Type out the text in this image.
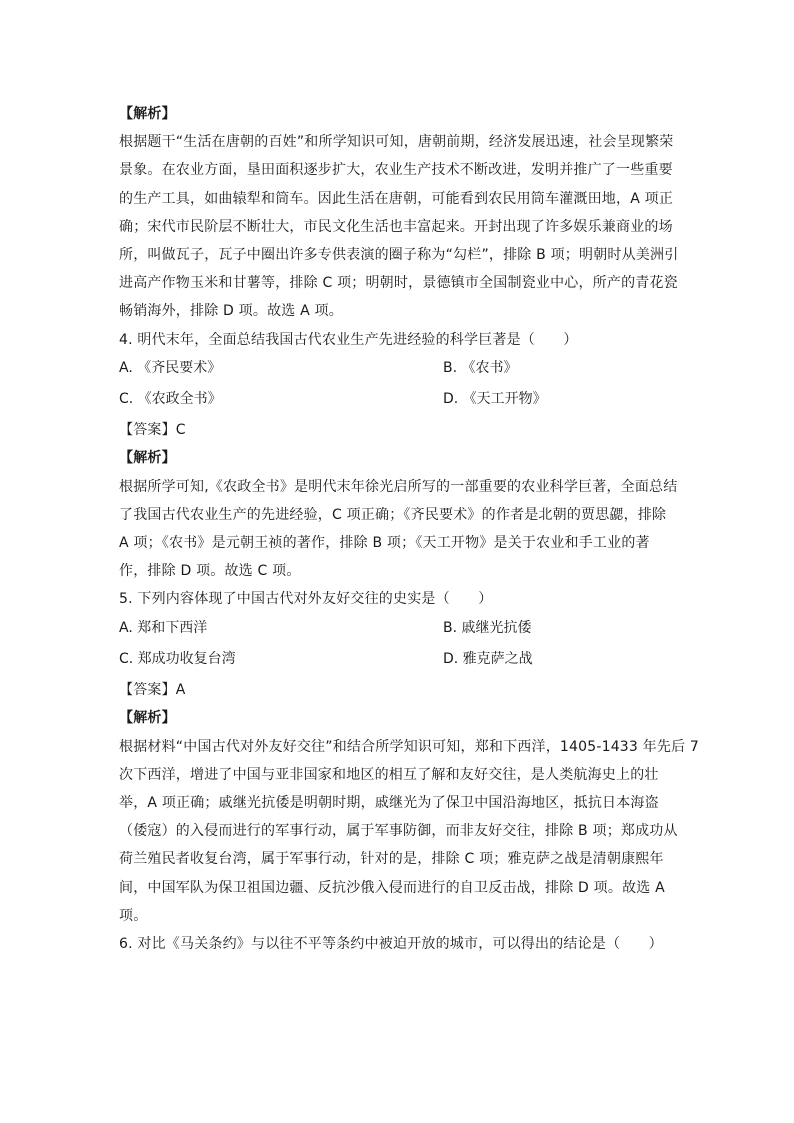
【解析】
根据题干“生活在唐朝的百姓”和所学知识可知，唐朝前期，经济发展迅速，社会呈现繁荣
景象。在农业方面，垦田面积逐步扩大，农业生产技术不断改进，发明并推广了一些重要
的生产工具，如曲辕犁和筒车。因此生活在唐朝，可能看到农民用筒车灌溉田地，A 项正
确；宋代市民阶层不断壮大，市民文化生活也丰富起来。开封出现了许多娱乐兼商业的场
所，叫做瓦子，瓦子中圈出许多专供表演的圈子称为“勾栏”，排除 B 项；明朝时从美洲引
进高产作物玉米和甘薯等，排除 C 项；明朝时，景德镇市全国制瓷业中心，所产的青花瓷
畅销海外，排除 D 项。故选 A 项。
4. 明代末年，全面总结我国古代农业生产先进经验的科学巨著是（　　）
A. 《齐民要术》	B. 《农书》
C. 《农政全书》	D. 《天工开物》
【答案】C
【解析】
根据所学可知,《农政全书》是明代末年徐光启所写的一部重要的农业科学巨著，全面总结
了我国古代农业生产的先进经验，C 项正确；《齐民要术》的作者是北朝的贾思勰，排除
A 项；《农书》是元朝王祯的著作，排除 B 项；《天工开物》是关于农业和手工业的著
作，排除 D 项。故选 C 项。
5. 下列内容体现了中国古代对外友好交往的史实是（　　）
A. 郑和下西洋	B. 戚继光抗倭
C. 郑成功收复台湾	D. 雅克萨之战
【答案】A
【解析】
根据材料“中国古代对外友好交往”和结合所学知识可知，郑和下西洋，1405-1433 年先后 7
次下西洋，增进了中国与亚非国家和地区的相互了解和友好交往，是人类航海史上的壮
举，A 项正确；戚继光抗倭是明朝时期，戚继光为了保卫中国沿海地区，抵抗日本海盗
（倭寇）的入侵而进行的军事行动，属于军事防御，而非友好交往，排除 B 项；郑成功从
荷兰殖民者收复台湾，属于军事行动，针对的是，排除 C 项；雅克萨之战是清朝康熙年
间，中国军队为保卫祖国边疆、反抗沙俄入侵而进行的自卫反击战，排除 D 项。故选 A
项。
6. 对比《马关条约》与以往不平等条约中被迫开放的城市，可以得出的结论是（　　）
